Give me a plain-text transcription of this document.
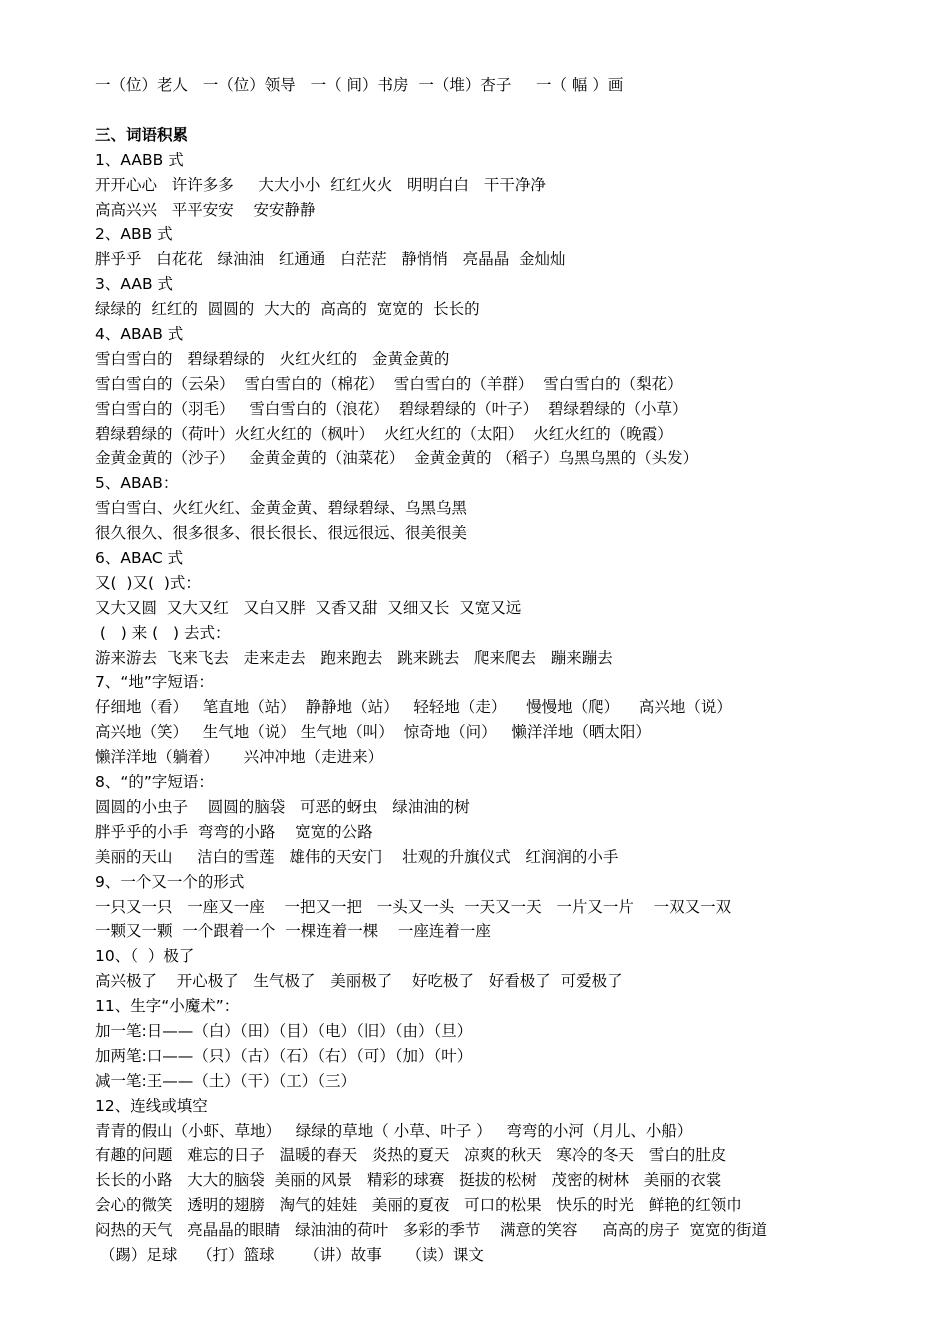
一（位）老人   一（位）领导   一（ 间）书房  一（堆）杏子     一（ 幅 ）画
三、词语积累
1、AABB 式
开开心心   许许多多     大大小小  红红火火   明明白白   干干净净
高高兴兴   平平安安    安安静静
2、ABB 式
胖乎乎   白花花   绿油油   红通通   白茫茫   静悄悄   亮晶晶  金灿灿
3、AAB 式
绿绿的  红红的  圆圆的  大大的  高高的  宽宽的  长长的
4、ABAB 式
雪白雪白的   碧绿碧绿的   火红火红的   金黄金黄的
雪白雪白的（云朵）  雪白雪白的（棉花）  雪白雪白的（羊群）  雪白雪白的（梨花）
雪白雪白的（羽毛）   雪白雪白的（浪花）  碧绿碧绿的（叶子）  碧绿碧绿的（小草）
碧绿碧绿的（荷叶）火红火红的（枫叶）  火红火红的（太阳）  火红火红的（晚霞）
金黄金黄的（沙子）   金黄金黄的（油菜花）  金黄金黄的 （稻子）乌黑乌黑的（头发）
5、ABAB：
雪白雪白、火红火红、金黄金黄、碧绿碧绿、乌黑乌黑
很久很久、很多很多、很长很长、很远很远、很美很美
6、ABAC 式
又(  )又(  )式：
又大又圆  又大又红   又白又胖  又香又甜  又细又长  又宽又远
(   ) 来 (   ) 去式：
游来游去  飞来飞去   走来走去   跑来跑去   跳来跳去   爬来爬去   蹦来蹦去
7、“地”字短语：
仔细地（看）   笔直地（站）  静静地（站）   轻轻地（走）    慢慢地（爬）    高兴地（说）
高兴地（笑）   生气地（说） 生气地（叫）  惊奇地（问）   懒洋洋地（晒太阳）
懒洋洋地（躺着）     兴冲冲地（走进来）
8、“的”字短语：
圆圆的小虫子    圆圆的脑袋   可恶的蚜虫   绿油油的树
胖乎乎的小手  弯弯的小路    宽宽的公路
美丽的天山     洁白的雪莲   雄伟的天安门    壮观的升旗仪式   红润润的小手
9、一个又一个的形式
一只又一只   一座又一座    一把又一把   一头又一头  一天又一天   一片又一片    一双又一双
一颗又一颗  一个跟着一个  一棵连着一棵    一座连着一座
10、（  ）极了
高兴极了    开心极了   生气极了   美丽极了    好吃极了   好看极了  可爱极了
11、生字“小魔术”：
加一笔:日——（白）（田）（目）（电）（旧）（由）（旦）
加两笔:口——（只）（古）（石）（右）（可）（加）（叶）
减一笔:王——（土）（干）（工）（三）
12、连线或填空
青青的假山（小虾、草地）   绿绿的草地（ 小草、叶子 ）   弯弯的小河（月儿、小船）
有趣的问题   难忘的日子   温暖的春天   炎热的夏天   凉爽的秋天   寒冷的冬天   雪白的肚皮
长长的小路   大大的脑袋  美丽的风景   精彩的球赛   挺拔的松树   茂密的树林   美丽的衣裳
会心的微笑   透明的翅膀   淘气的娃娃   美丽的夏夜   可口的松果   快乐的时光   鲜艳的红领巾
闷热的天气   亮晶晶的眼睛   绿油油的荷叶   多彩的季节    满意的笑容     高高的房子  宽宽的街道
（踢）足球    （打）篮球      （讲）故事     （读）课文
